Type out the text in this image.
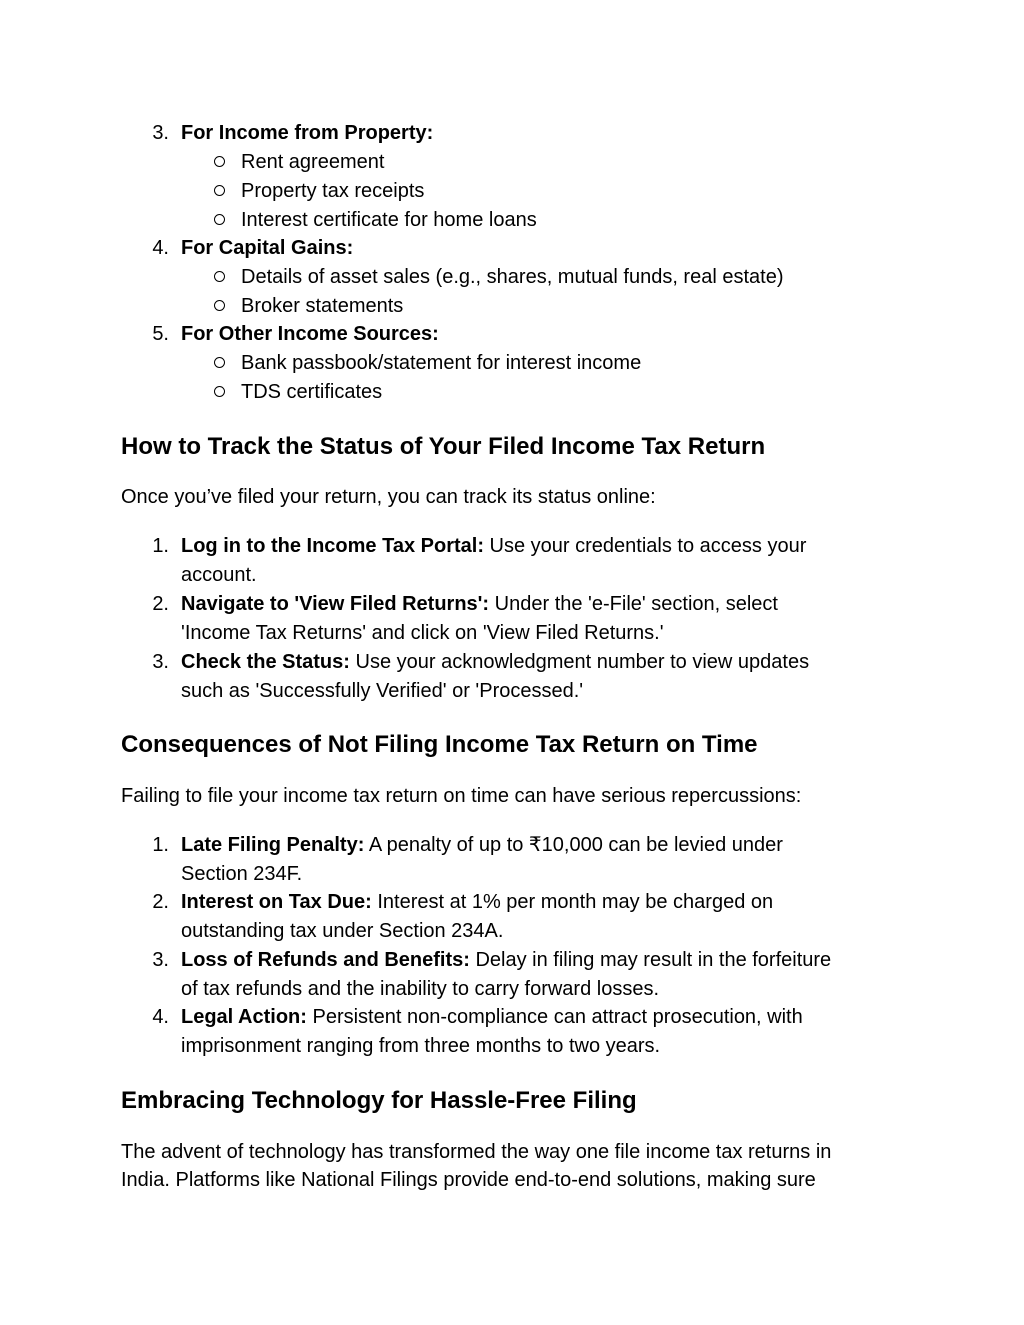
3. For Income from Property:
Rent agreement
Property tax receipts
Interest certificate for home loans
4. For Capital Gains:
Details of asset sales (e.g., shares, mutual funds, real estate)
Broker statements
5. For Other Income Sources:
Bank passbook/statement for interest income
TDS certificates
How to Track the Status of Your Filed Income Tax Return
Once you’ve filed your return, you can track its status online:
1. Log in to the Income Tax Portal: Use your credentials to access your
account.
2. Navigate to 'View Filed Returns': Under the 'e-File' section, select
'Income Tax Returns' and click on 'View Filed Returns.'
3. Check the Status: Use your acknowledgment number to view updates
such as 'Successfully Verified' or 'Processed.'
Consequences of Not Filing Income Tax Return on Time
Failing to file your income tax return on time can have serious repercussions:
1. Late Filing Penalty: A penalty of up to ₹10,000 can be levied under
Section 234F.
2. Interest on Tax Due: Interest at 1% per month may be charged on
outstanding tax under Section 234A.
3. Loss of Refunds and Benefits: Delay in filing may result in the forfeiture
of tax refunds and the inability to carry forward losses.
4. Legal Action: Persistent non-compliance can attract prosecution, with
imprisonment ranging from three months to two years.
Embracing Technology for Hassle-Free Filing
The advent of technology has transformed the way one file income tax returns in
India. Platforms like National Filings provide end-to-end solutions, making sure
